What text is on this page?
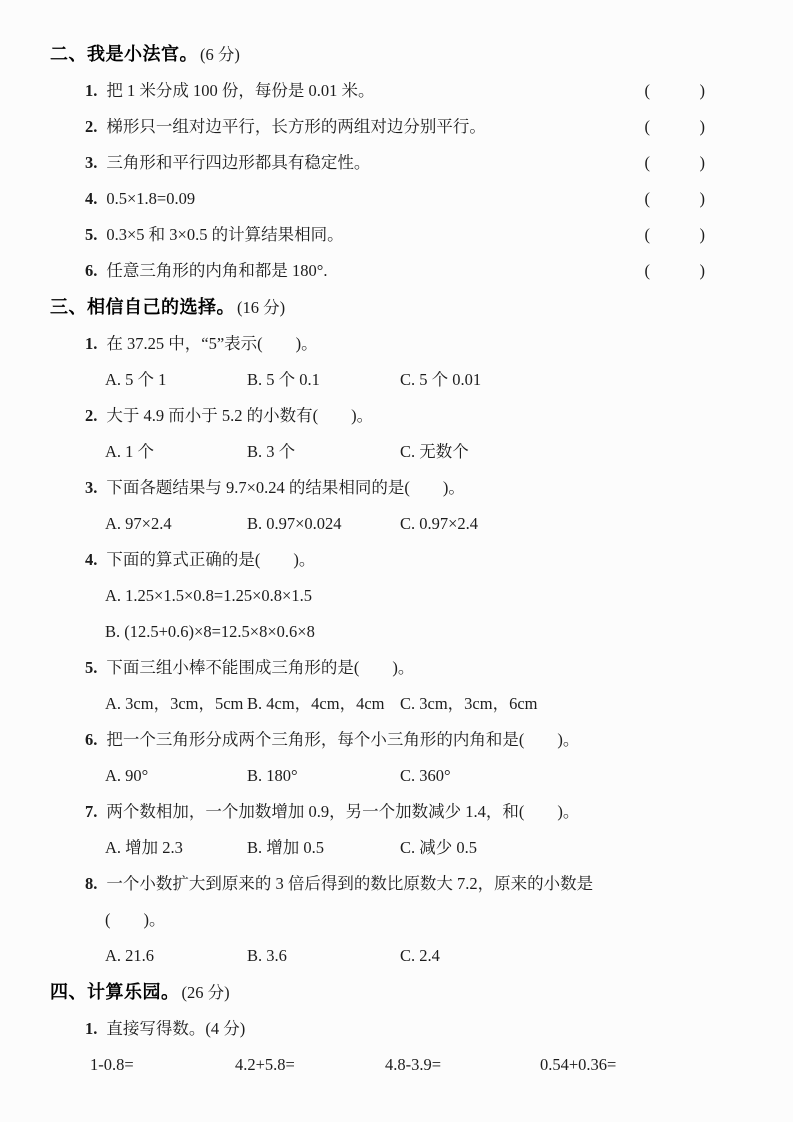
二、我是小法官。 (6 分)
1. 把 1 米分成 100 份，每份是 0.01 米。	(　　　)
2. 梯形只一组对边平行，长方形的两组对边分别平行。	(　　　)
3. 三角形和平行四边形都具有稳定性。	(　　　)
4. 0.5×1.8=0.09	(　　　)
5. 0.3×5 和 3×0.5 的计算结果相同。	(　　　)
6. 任意三角形的内角和都是 180°.	(　　　)
三、相信自己的选择。 (16 分)
1. 在 37.25 中，“5”表示(　　)。
A. 5 个 1	B. 5 个 0.1	C. 5 个 0.01
2. 大于 4.9 而小于 5.2 的小数有(　　)。
A. 1 个	B. 3 个	C. 无数个
3. 下面各题结果与 9.7×0.24 的结果相同的是(　　)。
A. 97×2.4	B. 0.97×0.024	C. 0.97×2.4
4. 下面的算式正确的是(　　)。
A. 1.25×1.5×0.8=1.25×0.8×1.5
B. (12.5+0.6)×8=12.5×8×0.6×8
5. 下面三组小棒不能围成三角形的是(　　)。
A. 3cm，3cm，5cm B. 4cm，4cm，4cm C. 3cm，3cm，6cm
6. 把一个三角形分成两个三角形，每个小三角形的内角和是(　　)。
A. 90°	B. 180°	C. 360°
7. 两个数相加，一个加数增加 0.9，另一个加数减少 1.4，和(　　)。
A. 增加 2.3	B. 增加 0.5	C. 减少 0.5
8. 一个小数扩大到原来的 3 倍后得到的数比原数大 7.2，原来的小数是
(　　)。
A. 21.6	B. 3.6	C. 2.4
四、计算乐园。 (26 分)
1. 直接写得数。(4 分)
1-0.8=	4.2+5.8=	4.8-3.9=	0.54+0.36=
